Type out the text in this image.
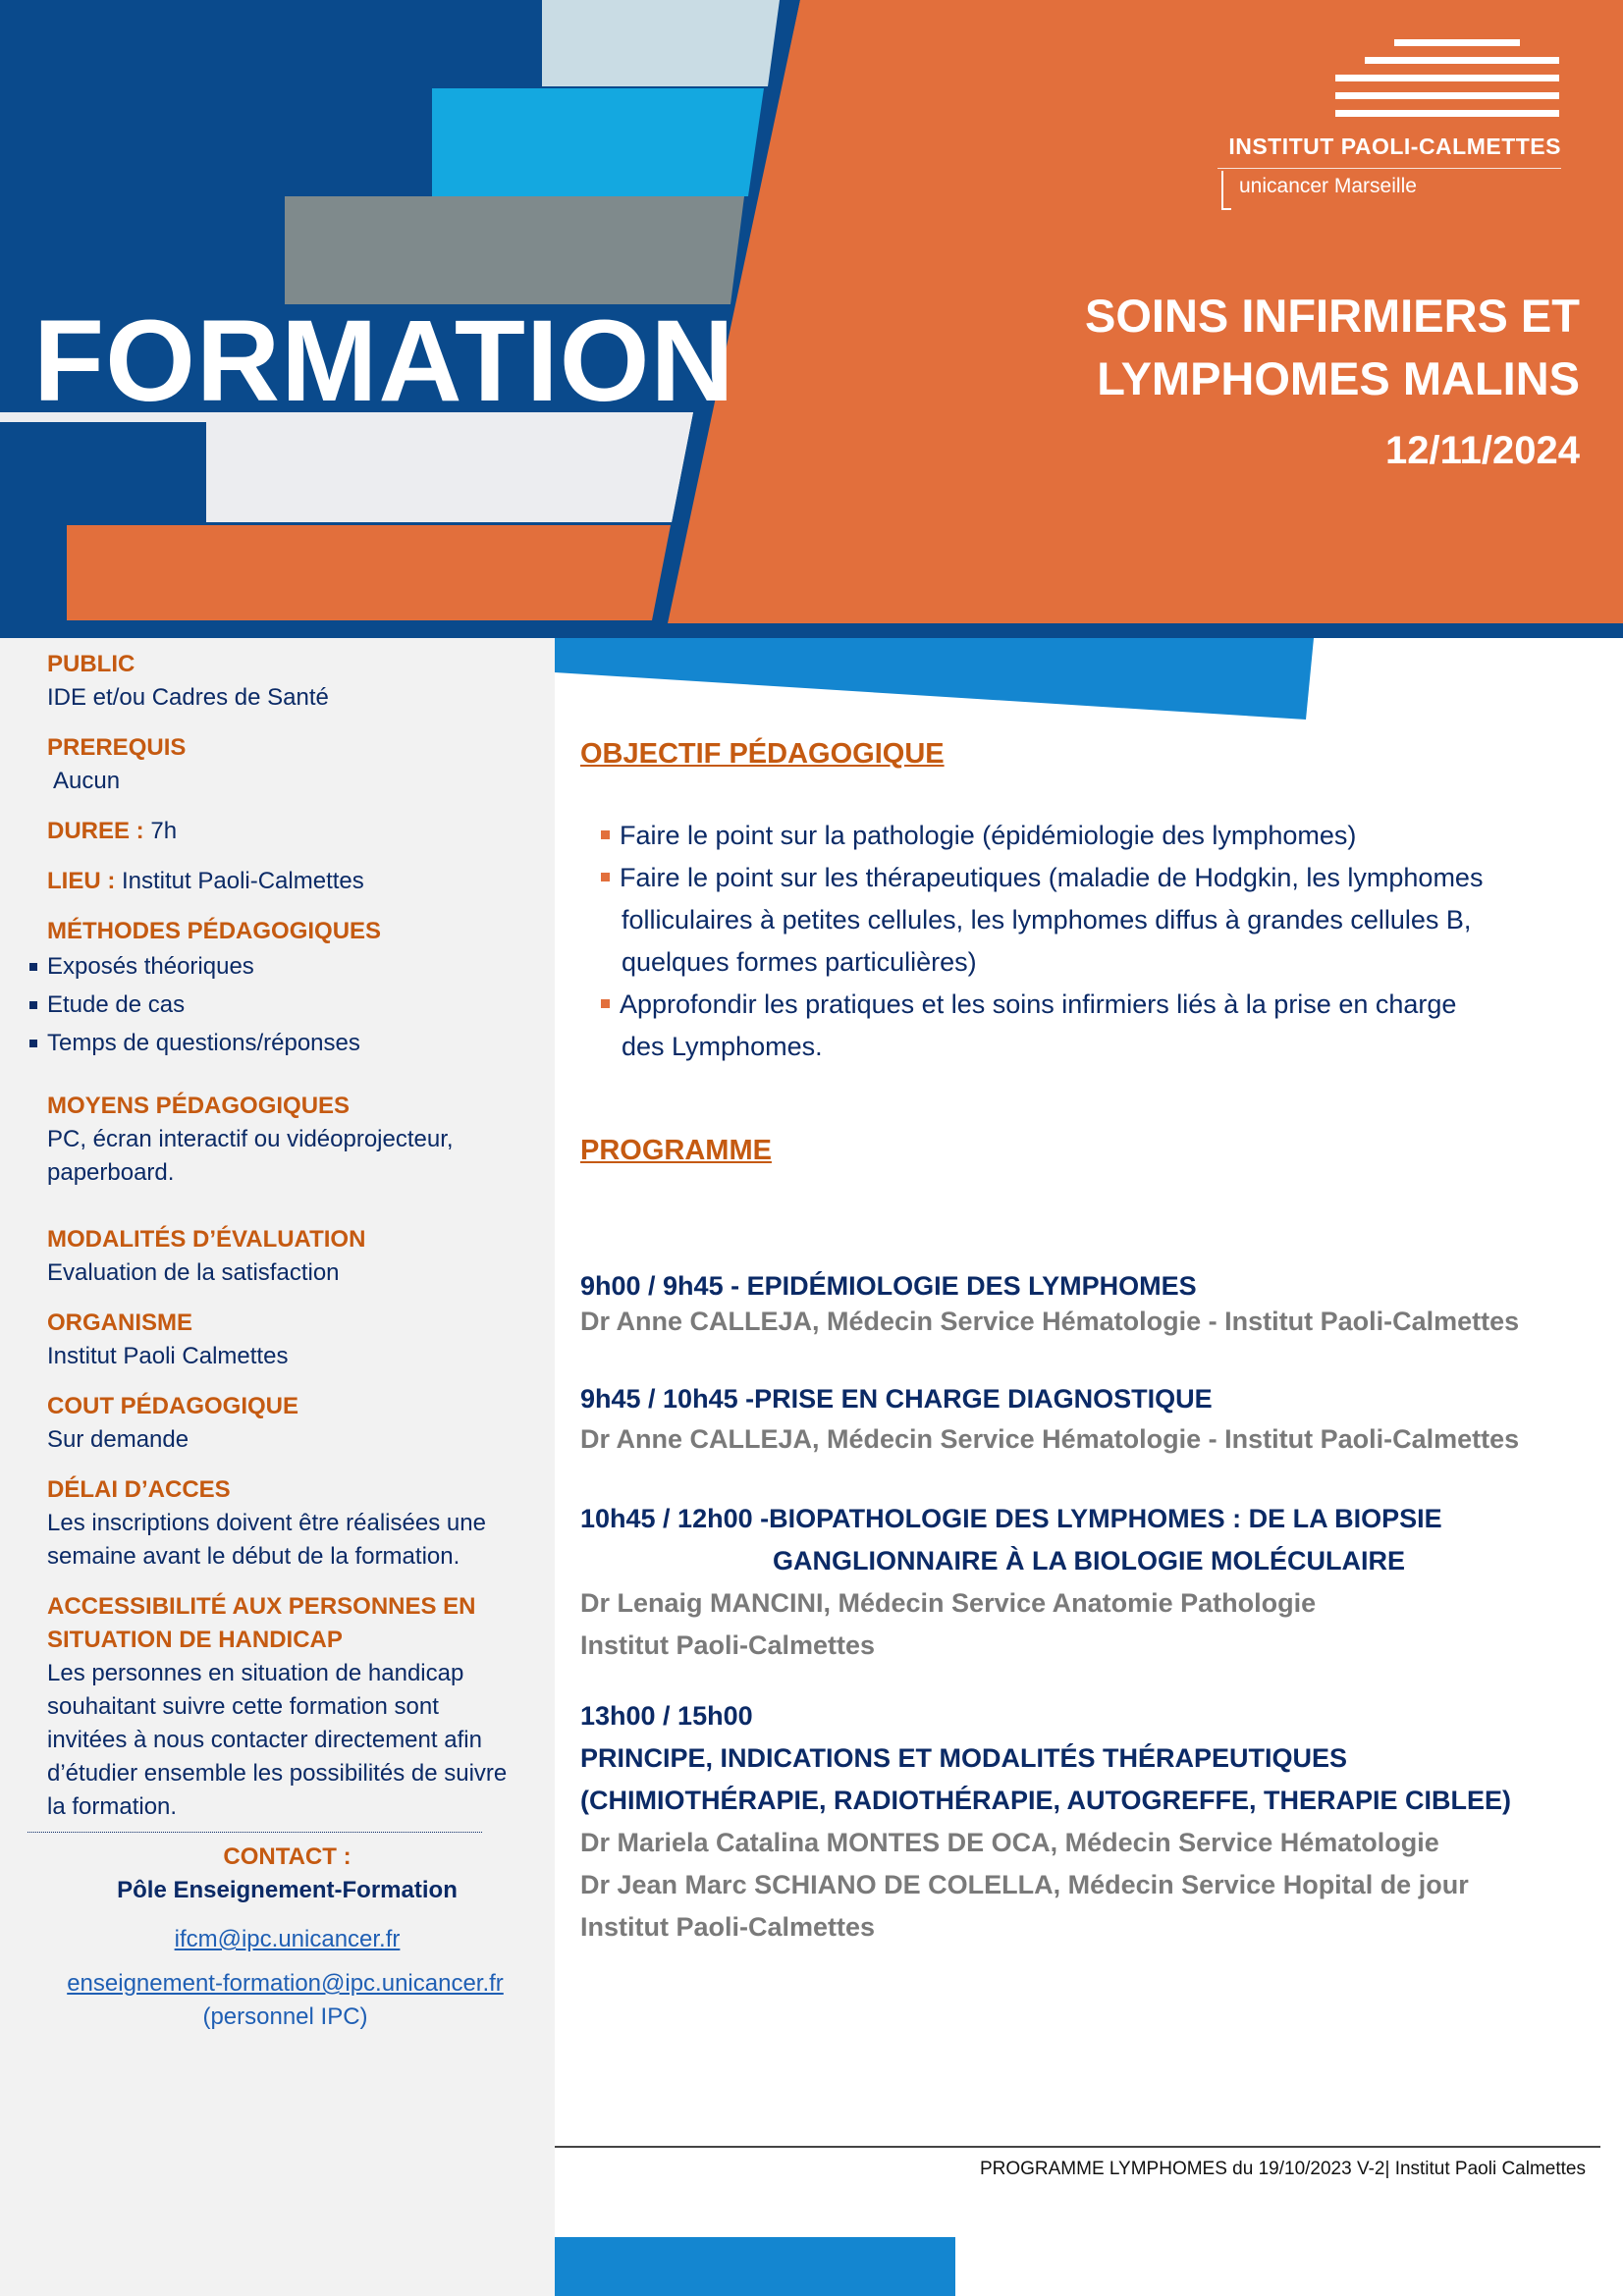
FORMATION
INSTITUT PAOLI-CALMETTES
unicancer Marseille
SOINS INFIRMIERS ET
LYMPHOMES MALINS
12/11/2024
PUBLIC
IDE et/ou Cadres de Santé
PREREQUIS
Aucun
DUREE : 7h
LIEU : Institut Paoli-Calmettes
MÉTHODES PÉDAGOGIQUES
Exposés théoriques
Etude de cas
Temps de questions/réponses
MOYENS PÉDAGOGIQUES
PC, écran interactif ou vidéoprojecteur,
paperboard.
MODALITÉS D’ÉVALUATION
Evaluation de la satisfaction
ORGANISME
Institut Paoli Calmettes
COUT PÉDAGOGIQUE
Sur demande
DÉLAI D’ACCES
Les inscriptions doivent être réalisées une
semaine avant le début de la formation.
ACCESSIBILITÉ AUX PERSONNES EN
SITUATION DE HANDICAP
Les personnes en situation de handicap
souhaitant suivre cette formation sont
invitées à nous contacter directement afin
d’étudier ensemble les possibilités de suivre
la formation.
CONTACT :
Pôle Enseignement-Formation
ifcm@ipc.unicancer.fr
enseignement-formation@ipc.unicancer.fr
(personnel IPC)
OBJECTIF PÉDAGOGIQUE
Faire le point sur la pathologie (épidémiologie des lymphomes)
Faire le point sur les thérapeutiques (maladie de Hodgkin, les lymphomes
folliculaires à petites cellules, les lymphomes diffus à grandes cellules B,
quelques formes particulières)
Approfondir les pratiques et les soins infirmiers liés à la prise en charge
des Lymphomes.
PROGRAMME
9h00 / 9h45 - EPIDÉMIOLOGIE DES LYMPHOMES
Dr Anne CALLEJA, Médecin Service Hématologie - Institut Paoli-Calmettes
9h45 / 10h45 -PRISE EN CHARGE DIAGNOSTIQUE
Dr Anne CALLEJA, Médecin Service Hématologie - Institut Paoli-Calmettes
10h45 / 12h00 -BIOPATHOLOGIE DES LYMPHOMES : DE LA BIOPSIE
GANGLIONNAIRE À LA BIOLOGIE MOLÉCULAIRE
Dr Lenaig MANCINI, Médecin Service Anatomie Pathologie
Institut Paoli-Calmettes
13h00 / 15h00
PRINCIPE, INDICATIONS ET MODALITÉS THÉRAPEUTIQUES
(CHIMIOTHÉRAPIE, RADIOTHÉRAPIE, AUTOGREFFE, THERAPIE CIBLEE)
Dr Mariela Catalina MONTES DE OCA, Médecin Service Hématologie
Dr Jean Marc SCHIANO DE COLELLA, Médecin Service Hopital de jour
Institut Paoli-Calmettes
PROGRAMME LYMPHOMES du 19/10/2023 V-2| Institut Paoli Calmettes
